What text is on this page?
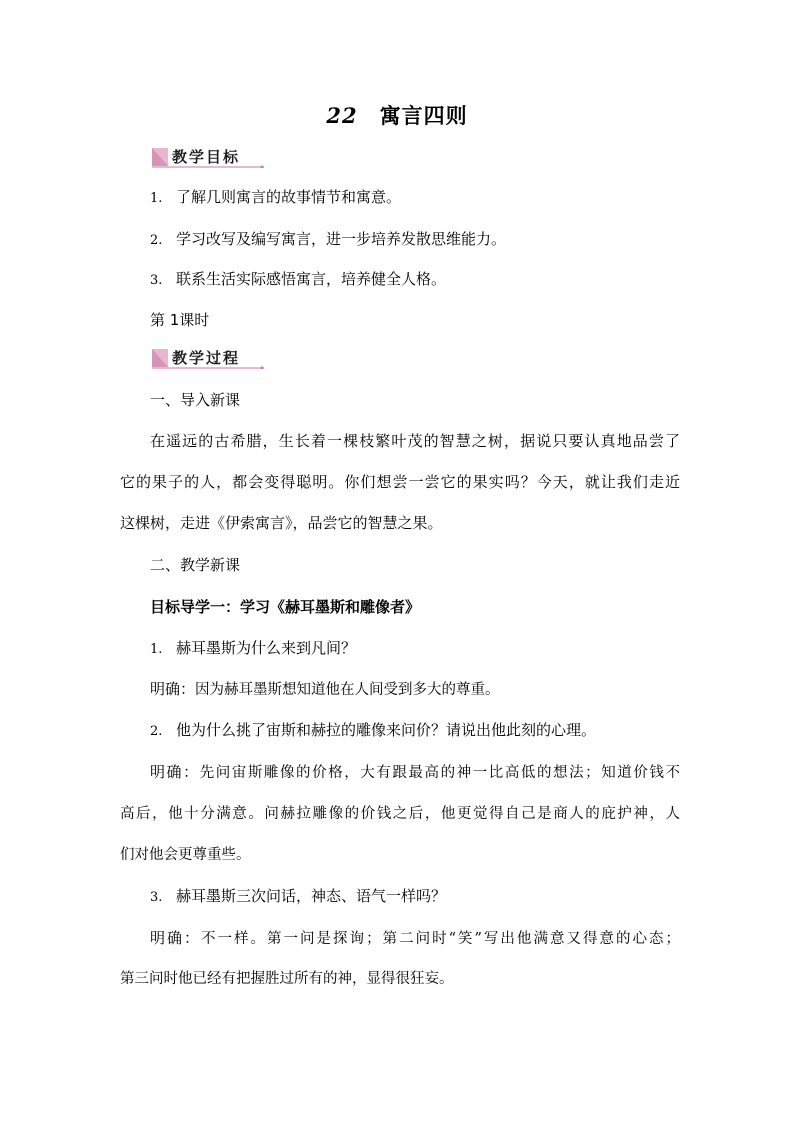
22 寓言四则
教学目标
1. 了解几则寓言的故事情节和寓意。
2. 学习改写及编写寓言，进一步培养发散思维能力。
3. 联系生活实际感悟寓言，培养健全人格。
第 1课时
教学过程
一、导入新课
在遥远的古希腊，生长着一棵枝繁叶茂的智慧之树，据说只要认真地品尝了
它的果子的人，都会变得聪明。你们想尝一尝它的果实吗？今天，就让我们走近
这棵树，走进《伊索寓言》，品尝它的智慧之果。
二、教学新课
目标导学一：学习《赫耳墨斯和雕像者》
1. 赫耳墨斯为什么来到凡间？
明确：因为赫耳墨斯想知道他在人间受到多大的尊重。
2. 他为什么挑了宙斯和赫拉的雕像来问价？请说出他此刻的心理。
明确：先问宙斯雕像的价格，大有跟最高的神一比高低的想法；知道价钱不
高后，他十分满意。问赫拉雕像的价钱之后，他更觉得自己是商人的庇护神，人
们对他会更尊重些。
3. 赫耳墨斯三次问话，神态、语气一样吗？
明确：不一样。第一问是探询；第二问时“笑”写出他满意又得意的心态；
第三问时他已经有把握胜过所有的神，显得很狂妄。
